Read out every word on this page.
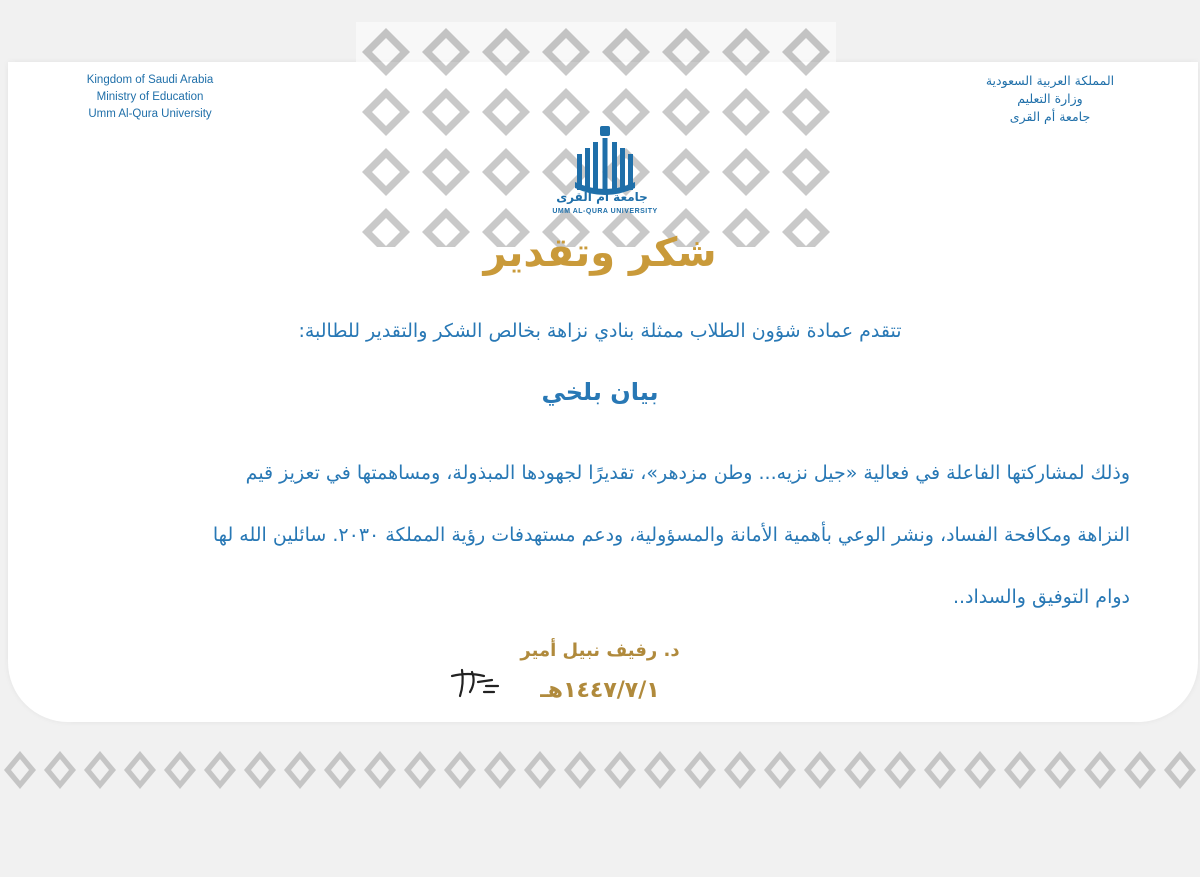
Kingdom of Saudi Arabia
Ministry of Education
Umm Al-Qura University
المملكة العربية السعودية
وزارة التعليم
جامعة أم القرى
جامعة أم القرى
UMM AL-QURA UNIVERSITY
شكر وتقدير
تتقدم عمادة شؤون الطلاب ممثلة بنادي نزاهة بخالص الشكر والتقدير للطالبة:
بيان بلخي
وذلك لمشاركتها الفاعلة في فعالية «جيل نزيه... وطن مزدهر»، تقديرًا لجهودها المبذولة، ومساهمتها في تعزيز قيم
النزاهة ومكافحة الفساد، ونشر الوعي بأهمية الأمانة والمسؤولية، ودعم مستهدفات رؤية المملكة ٢٠٣٠. سائلين الله لها
دوام التوفيق والسداد..
د. رفيف نبيل أمير
١٤٤٧/٧/١هـ
